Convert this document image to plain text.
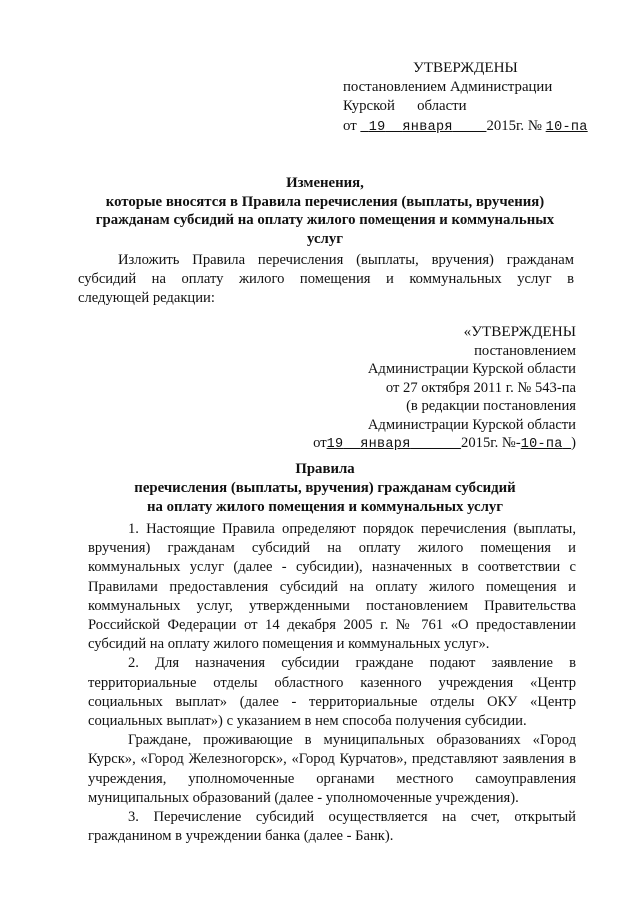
УТВЕРЖДЕНЫ
постановлением Администрации
Курской области
от 19 января 2015г. № 10-па
Изменения,
которые вносятся в Правила перечисления (выплаты, вручения)
гражданам субсидий на оплату жилого помещения и коммунальных
услуг
Изложить Правила перечисления (выплаты, вручения) гражданам
субсидий на оплату жилого помещения и коммунальных услуг в
следующей редакции:
«УТВЕРЖДЕНЫ
постановлением
Администрации Курской области
от 27 октября 2011 г. № 543-па
(в редакции постановления
Администрации Курской области
от19 января	2015г. №-10-па )
Правила
перечисления (выплаты, вручения) гражданам субсидий
на оплату жилого помещения и коммунальных услуг

1. Настоящие Правила определяют порядок перечисления (выплаты, вручения) гражданам субсидий на оплату жилого помещения и коммунальных услуг (далее - субсидии), назначенных в соответствии с Правилами предоставления субсидий на оплату жилого помещения и коммунальных услуг, утвержденными постановлением Правительства Российской Федерации от 14 декабря 2005 г. № 761 «О предоставлении субсидий на оплату жилого помещения и коммунальных услуг».

2. Для назначения субсидии граждане подают заявление в территориальные отделы областного казенного учреждения «Центр социальных выплат» (далее - территориальные отделы ОКУ «Центр социальных выплат») с указанием в нем способа получения субсидии.

Граждане, проживающие в муниципальных образованиях «Город Курск», «Город Железногорск», «Город Курчатов», представляют заявления в учреждения, уполномоченные органами местного самоуправления муниципальных образований (далее - уполномоченные учреждения).

3. Перечисление субсидий осуществляется на счет, открытый гражданином в учреждении банка (далее - Банк).
